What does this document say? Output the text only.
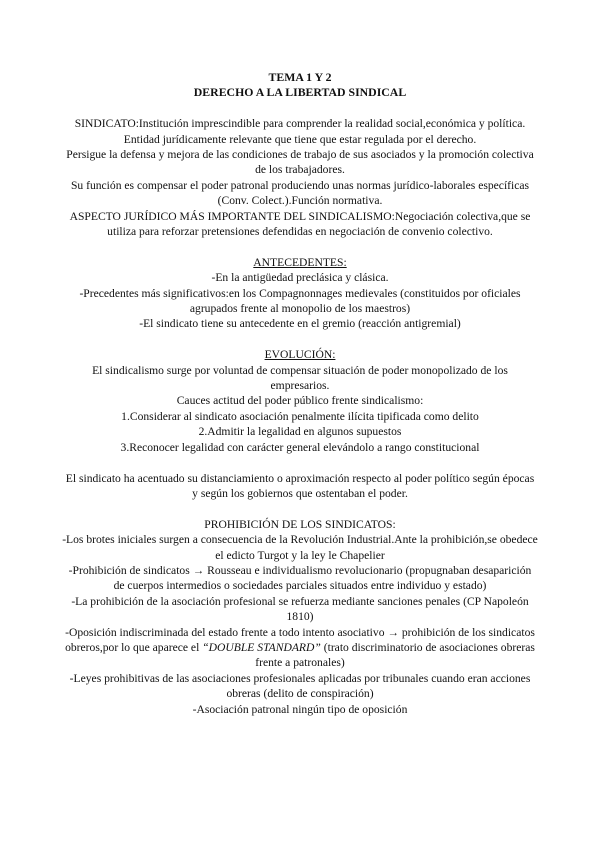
TEMA 1 Y 2
DERECHO A LA LIBERTAD SINDICAL
SINDICATO:Institución imprescindible para comprender la realidad social,económica y política.
Entidad jurídicamente relevante que tiene que estar regulada por el derecho.
Persigue la defensa y mejora de las condiciones de trabajo de sus asociados y la promoción colectiva de los trabajadores.
Su función es compensar el poder patronal produciendo unas normas jurídico-laborales específicas (Conv. Colect.).Función normativa.
ASPECTO JURÍDICO MÁS IMPORTANTE DEL SINDICALISMO:Negociación colectiva,que se utiliza para reforzar pretensiones defendidas en negociación de convenio colectivo.
ANTECEDENTES:
-En la antigüedad preclásica y clásica.
-Precedentes más significativos:en los Compagnonnages medievales (constituidos por oficiales agrupados frente al monopolio de los maestros)
-El sindicato tiene su antecedente en el gremio (reacción antigremial)
EVOLUCIÓN:
El sindicalismo surge por voluntad de compensar situación de poder monopolizado de los empresarios.
Cauces actitud del poder público frente sindicalismo:
1.Considerar al sindicato asociación penalmente ilícita tipificada como delito
2.Admitir la legalidad en algunos supuestos
3.Reconocer legalidad con carácter general elevándolo a rango constitucional
El sindicato ha acentuado su distanciamiento o aproximación respecto al poder político según épocas y según los gobiernos que ostentaban el poder.
PROHIBICIÓN DE LOS SINDICATOS:
-Los brotes iniciales surgen a consecuencia de la Revolución Industrial.Ante la prohibición,se obedece el edicto Turgot y la ley le Chapelier
-Prohibición de sindicatos → Rousseau e individualismo revolucionario (propugnaban desaparición de cuerpos intermedios o sociedades parciales situados entre individuo y estado)
-La prohibición de la asociación profesional se refuerza mediante sanciones penales (CP Napoleón 1810)
-Oposición indiscriminada del estado frente a todo intento asociativo → prohibición de los sindicatos obreros,por lo que aparece el “DOUBLE STANDARD” (trato discriminatorio de asociaciones obreras frente a patronales)
-Leyes prohibitivas de las asociaciones profesionales aplicadas por tribunales cuando eran acciones obreras (delito de conspiración)
-Asociación patronal ningún tipo de oposición
